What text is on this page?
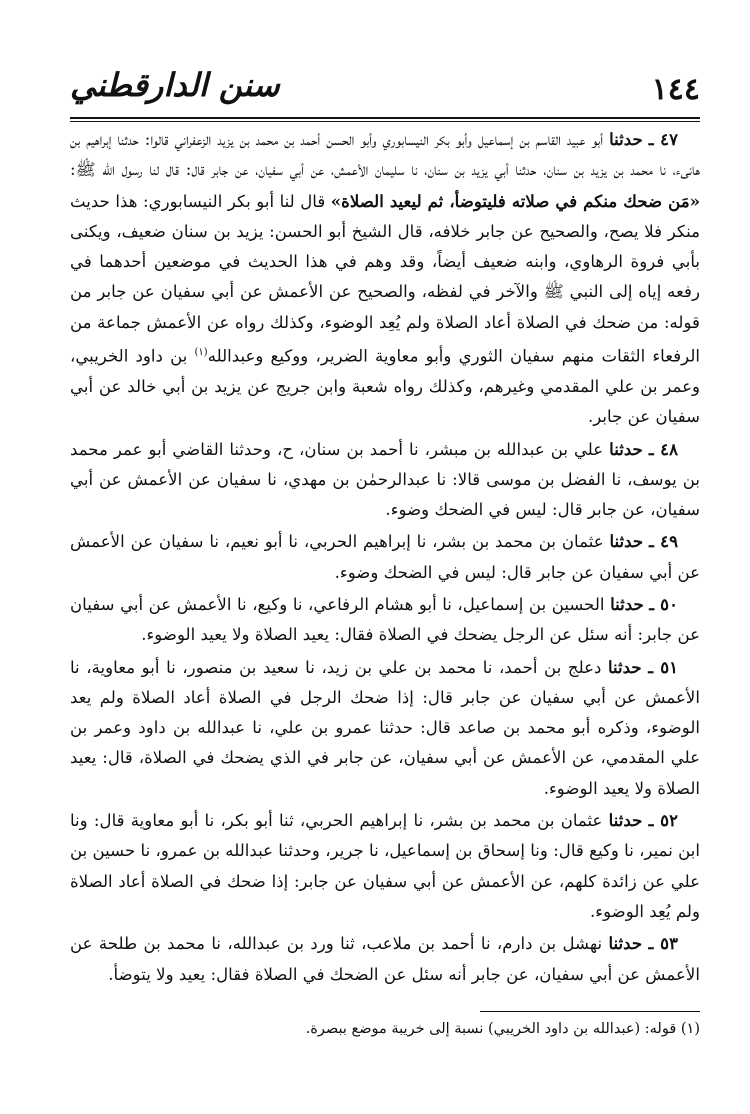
١٤٤
سنن الدارقطني

٤٧ ـ حدثنا أبو عبيد القاسم بن إسماعيل وأبو بكر النيسابوري وأبو الحسن أحمد بن محمد بن يزيد الزعفراني قالوا: حدثنا إبراهيم بن هانىء، نا محمد بن يزيد بن سنان، حدثنا أبي يزيد بن سنان، نا سليمان الأعمش، عن أبي سفيان، عن جابر قال: قال لنا رسول الله ﷺ: «مَن ضحك منكم في صلاته فليتوضأ، ثم ليعيد الصلاة» قال لنا أبو بكر النيسابوري: هذا حديث منكر فلا يصح، والصحيح عن جابر خلافه، قال الشيخ أبو الحسن: يزيد بن سنان ضعيف، ويكنى بأبي فروة الرهاوي، وابنه ضعيف أيضاً، وقد وهم في هذا الحديث في موضعين أحدهما في رفعه إياه إلى النبي ﷺ والآخر في لفظه، والصحيح عن الأعمش عن أبي سفيان عن جابر من قوله: من ضحك في الصلاة أعاد الصلاة ولم يُعِد الوضوء، وكذلك رواه عن الأعمش جماعة من الرفعاء الثقات منهم سفيان الثوري وأبو معاوية الضرير، ووكيع وعبدالله$^{(١)}$ بن داود الخريبي، وعمر بن علي المقدمي وغيرهم، وكذلك رواه شعبة وابن جريج عن يزيد بن أبي خالد عن أبي سفيان عن جابر.

٤٨ ـ حدثنا علي بن عبدالله بن مبشر، نا أحمد بن سنان، ح، وحدثنا القاضي أبو عمر محمد بن يوسف، نا الفضل بن موسى قالا: نا عبدالرحمٰن بن مهدي، نا سفيان عن الأعمش عن أبي سفيان، عن جابر قال: ليس في الضحك وضوء.

٤٩ ـ حدثنا عثمان بن محمد بن بشر، نا إبراهيم الحربي، نا أبو نعيم، نا سفيان عن الأعمش عن أبي سفيان عن جابر قال: ليس في الضحك وضوء.

٥٠ ـ حدثنا الحسين بن إسماعيل، نا أبو هشام الرفاعي، نا وكيع، نا الأعمش عن أبي سفيان عن جابر: أنه سئل عن الرجل يضحك في الصلاة فقال: يعيد الصلاة ولا يعيد الوضوء.

٥١ ـ حدثنا دعلج بن أحمد، نا محمد بن علي بن زيد، نا سعيد بن منصور، نا أبو معاوية، نا الأعمش عن أبي سفيان عن جابر قال: إذا ضحك الرجل في الصلاة أعاد الصلاة ولم يعد الوضوء، وذكره أبو محمد بن صاعد قال: حدثنا عمرو بن علي، نا عبدالله بن داود وعمر بن علي المقدمي، عن الأعمش عن أبي سفيان، عن جابر في الذي يضحك في الصلاة، قال: يعيد الصلاة ولا يعيد الوضوء.

٥٢ ـ حدثنا عثمان بن محمد بن بشر، نا إبراهيم الحربي، ثنا أبو بكر، نا أبو معاوية قال: ونا ابن نمير، نا وكيع قال: ونا إسحاق بن إسماعيل، نا جرير، وحدثنا عبدالله بن عمرو، نا حسين بن علي عن زائدة كلهم، عن الأعمش عن أبي سفيان عن جابر: إذا ضحك في الصلاة أعاد الصلاة ولم يُعِد الوضوء.

٥٣ ـ حدثنا نهشل بن دارم، نا أحمد بن ملاعب، ثنا ورد بن عبدالله، نا محمد بن طلحة عن الأعمش عن أبي سفيان، عن جابر أنه سئل عن الضحك في الصلاة فقال: يعيد ولا يتوضأ.

(١) قوله: (عبدالله بن داود الخريبي) نسبة إلى خريبة موضع ببصرة.
